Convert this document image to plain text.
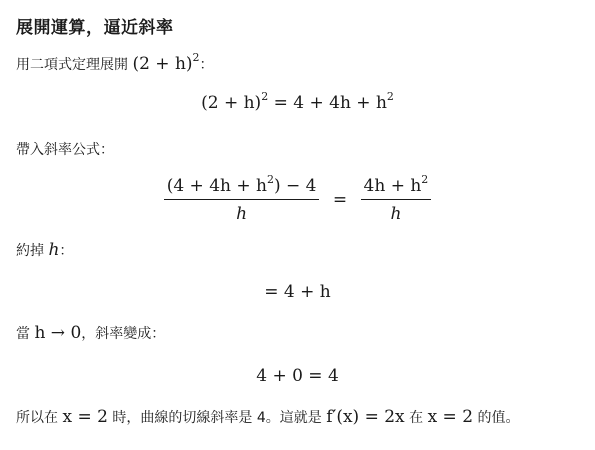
展開運算，逼近斜率
用二項式定理展開 $(2 + h)^2$：
$(2 + h)^2 = 4 + 4h + h^2$
帶入斜率公式：
$\frac{(4 + 4h + h^2) - 4}{h} = \frac{4h + h^2}{h}$
約掉 h：
= 4 + h
當 h → 0，斜率變成：
4 + 0 = 4
所以在 x = 2 時，曲線的切線斜率是 4。這就是 f′(x) = 2x 在 x = 2 的值。
